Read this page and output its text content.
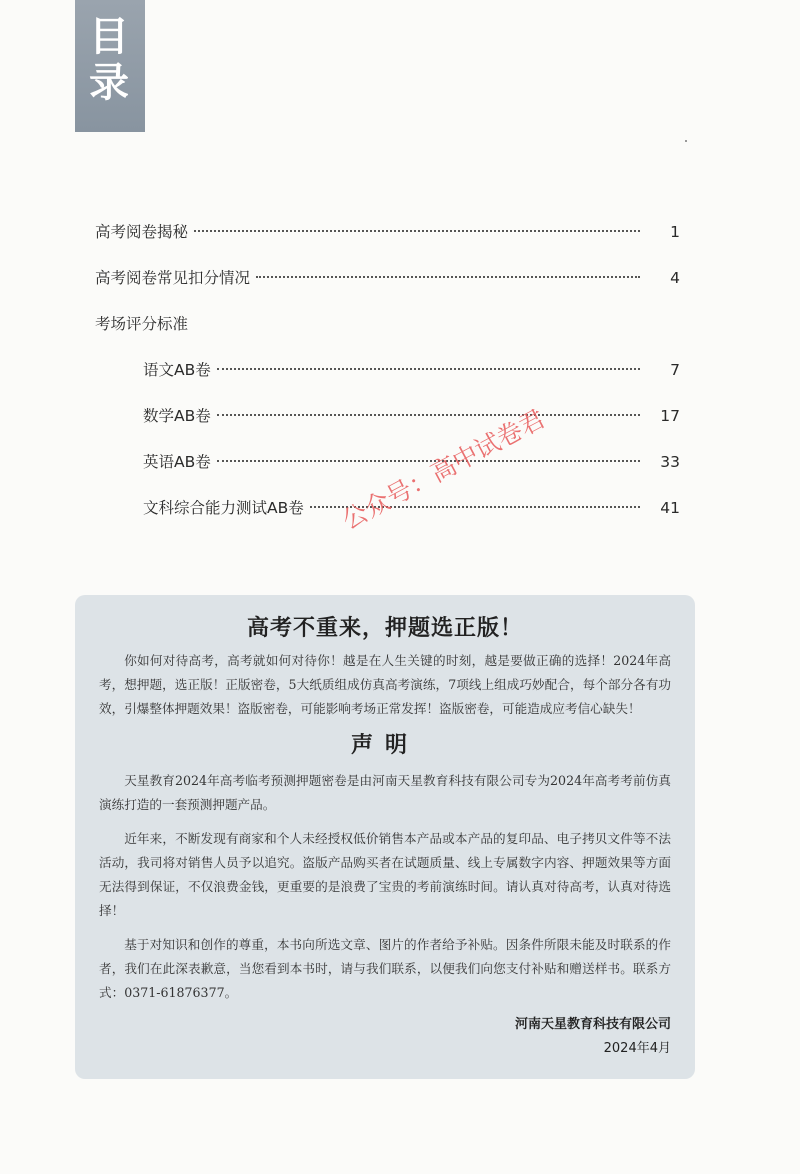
目
录
高考阅卷揭秘	1
高考阅卷常见扣分情况	4
考场评分标准
语文AB卷	7
数学AB卷	17
英语AB卷	33
文科综合能力测试AB卷	41
高考不重来，押题选正版！

你如何对待高考，高考就如何对待你！越是在人生关键的时刻，越是要做正确的选择！2024年高考，想押题，选正版！正版密卷，5大纸质组成仿真高考演练，7项线上组成巧妙配合，每个部分各有功效，引爆整体押题效果！盗版密卷，可能影响考场正常发挥！盗版密卷，可能造成应考信心缺失！

声明

天星教育2024年高考临考预测押题密卷是由河南天星教育科技有限公司专为2024年高考考前仿真演练打造的一套预测押题产品。

近年来，不断发现有商家和个人未经授权低价销售本产品或本产品的复印品、电子拷贝文件等不法活动，我司将对销售人员予以追究。盗版产品购买者在试题质量、线上专属数字内容、押题效果等方面无法得到保证，不仅浪费金钱，更重要的是浪费了宝贵的考前演练时间。请认真对待高考，认真对待选择！

基于对知识和创作的尊重，本书向所选文章、图片的作者给予补贴。因条件所限未能及时联系的作者，我们在此深表歉意，当您看到本书时，请与我们联系，以便我们向您支付补贴和赠送样书。联系方式：0371-61876377。

河南天星教育科技有限公司
2024年4月
公众号：高中试卷君
